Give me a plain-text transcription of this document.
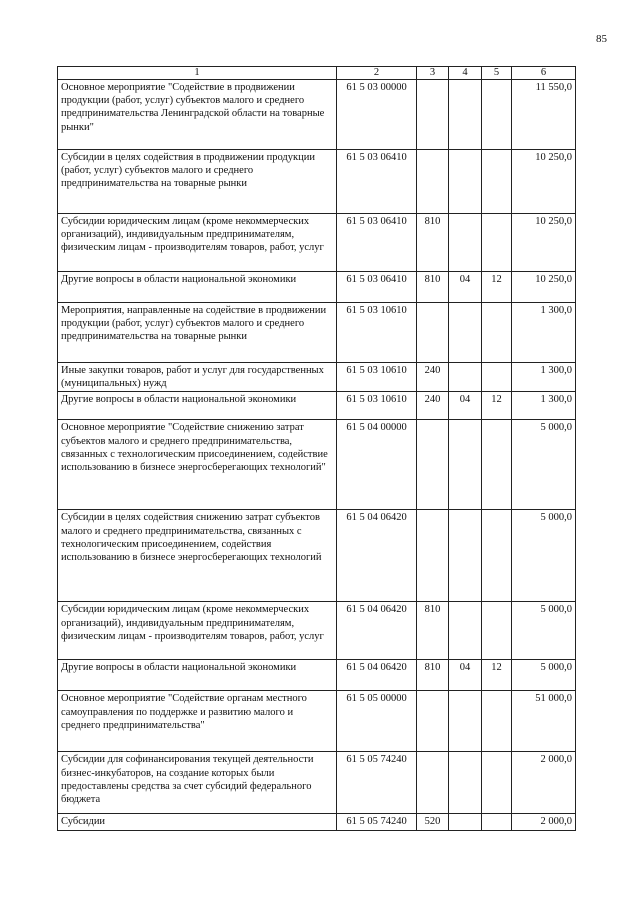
85
1	2	3	4	5	6
Основное мероприятие "Содействие в продвижении продукции (работ, услуг) субъектов малого и среднего предпринимательства Ленинградской области на товарные рынки"	61 5 03 00000				11 550,0
Субсидии в целях содействия в продвижении продукции (работ, услуг) субъектов малого и среднего предпринимательства на товарные рынки	61 5 03 06410				10 250,0
Субсидии юридическим лицам (кроме некоммерческих организаций), индивидуальным предпринимателям, физическим лицам - производителям товаров, работ, услуг	61 5 03 06410	810			10 250,0
Другие вопросы в области национальной экономики	61 5 03 06410	810	04	12	10 250,0
Мероприятия, направленные на содействие в продвижении продукции (работ, услуг) субъектов малого и среднего предпринимательства на товарные рынки	61 5 03 10610				1 300,0
Иные закупки товаров, работ и услуг для государственных (муниципальных) нужд	61 5 03 10610	240			1 300,0
Другие вопросы в области национальной экономики	61 5 03 10610	240	04	12	1 300,0
Основное мероприятие "Содействие снижению затрат субъектов малого и среднего предпринимательства, связанных с технологическим присоединением, содействие использованию в бизнесе энергосберегающих технологий"	61 5 04 00000				5 000,0
Субсидии в целях содействия снижению затрат субъектов малого и среднего предпринимательства, связанных с технологическим присоединением, содействия использованию в бизнесе энергосберегающих технологий	61 5 04 06420				5 000,0
Субсидии юридическим лицам (кроме некоммерческих организаций), индивидуальным предпринимателям, физическим лицам - производителям товаров, работ, услуг	61 5 04 06420	810			5 000,0
Другие вопросы в области национальной экономики	61 5 04 06420	810	04	12	5 000,0
Основное мероприятие "Содействие органам местного самоуправления по поддержке и развитию малого и среднего предпринимательства"	61 5 05 00000				51 000,0
Субсидии для софинансирования текущей деятельности бизнес-инкубаторов, на создание которых были предоставлены средства за счет субсидий федерального бюджета	61 5 05 74240				2 000,0
Субсидии	61 5 05 74240	520			2 000,0
